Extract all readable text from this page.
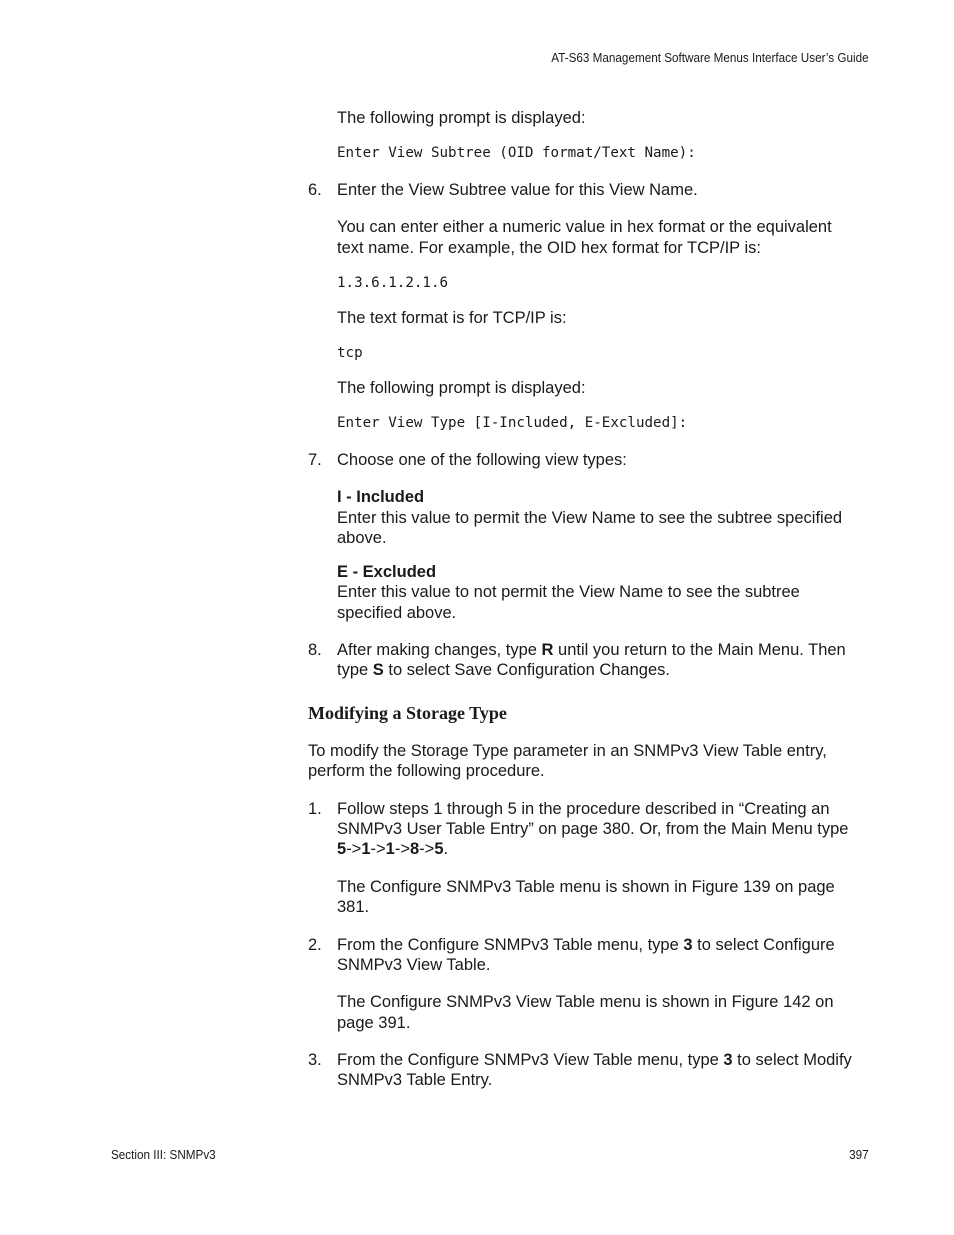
AT-S63 Management Software Menus Interface User’s Guide
The following prompt is displayed:
Enter View Subtree (OID format/Text Name):
6. Enter the View Subtree value for this View Name.
You can enter either a numeric value in hex format or the equivalent
text name. For example, the OID hex format for TCP/IP is:
1.3.6.1.2.1.6
The text format is for TCP/IP is:
tcp
The following prompt is displayed:
Enter View Type [I-Included, E-Excluded]:
7. Choose one of the following view types:
I - Included
Enter this value to permit the View Name to see the subtree specified
above.
E - Excluded
Enter this value to not permit the View Name to see the subtree
specified above.
8. After making changes, type R until you return to the Main Menu. Then
type S to select Save Configuration Changes.
Modifying a Storage Type
To modify the Storage Type parameter in an SNMPv3 View Table entry,
perform the following procedure.
1. Follow steps 1 through 5 in the procedure described in “Creating an
SNMPv3 User Table Entry” on page 380. Or, from the Main Menu type
5->1->1->8->5.
The Configure SNMPv3 Table menu is shown in Figure 139 on page
381.
2. From the Configure SNMPv3 Table menu, type 3 to select Configure
SNMPv3 View Table.
The Configure SNMPv3 View Table menu is shown in Figure 142 on
page 391.
3. From the Configure SNMPv3 View Table menu, type 3 to select Modify
SNMPv3 Table Entry.
Section III: SNMPv3	397
